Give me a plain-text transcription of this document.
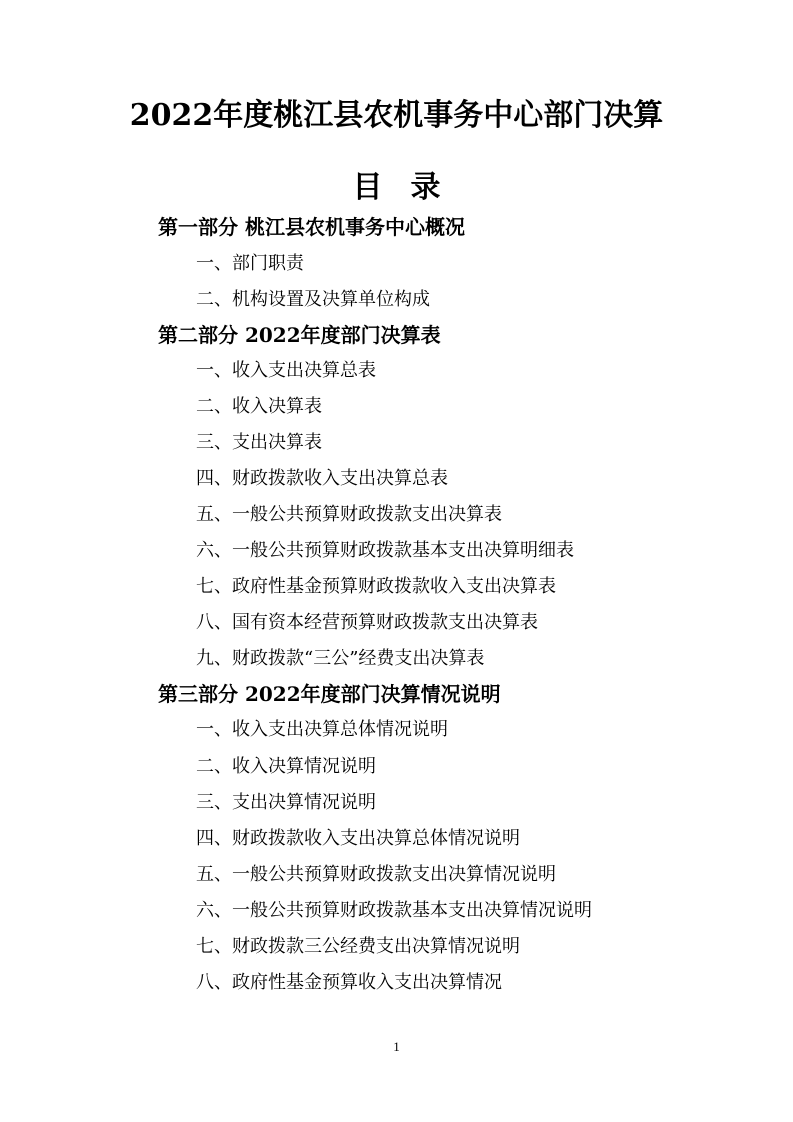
2022年度桃江县农机事务中心部门决算
目录
第一部分 桃江县农机事务中心概况
一、部门职责
二、机构设置及决算单位构成
第二部分 2022年度部门决算表
一、收入支出决算总表
二、收入决算表
三、支出决算表
四、财政拨款收入支出决算总表
五、一般公共预算财政拨款支出决算表
六、一般公共预算财政拨款基本支出决算明细表
七、政府性基金预算财政拨款收入支出决算表
八、国有资本经营预算财政拨款支出决算表
九、财政拨款“三公”经费支出决算表
第三部分 2022年度部门决算情况说明
一、收入支出决算总体情况说明
二、收入决算情况说明
三、支出决算情况说明
四、财政拨款收入支出决算总体情况说明
五、一般公共预算财政拨款支出决算情况说明
六、一般公共预算财政拨款基本支出决算情况说明
七、财政拨款三公经费支出决算情况说明
八、政府性基金预算收入支出决算情况
1
